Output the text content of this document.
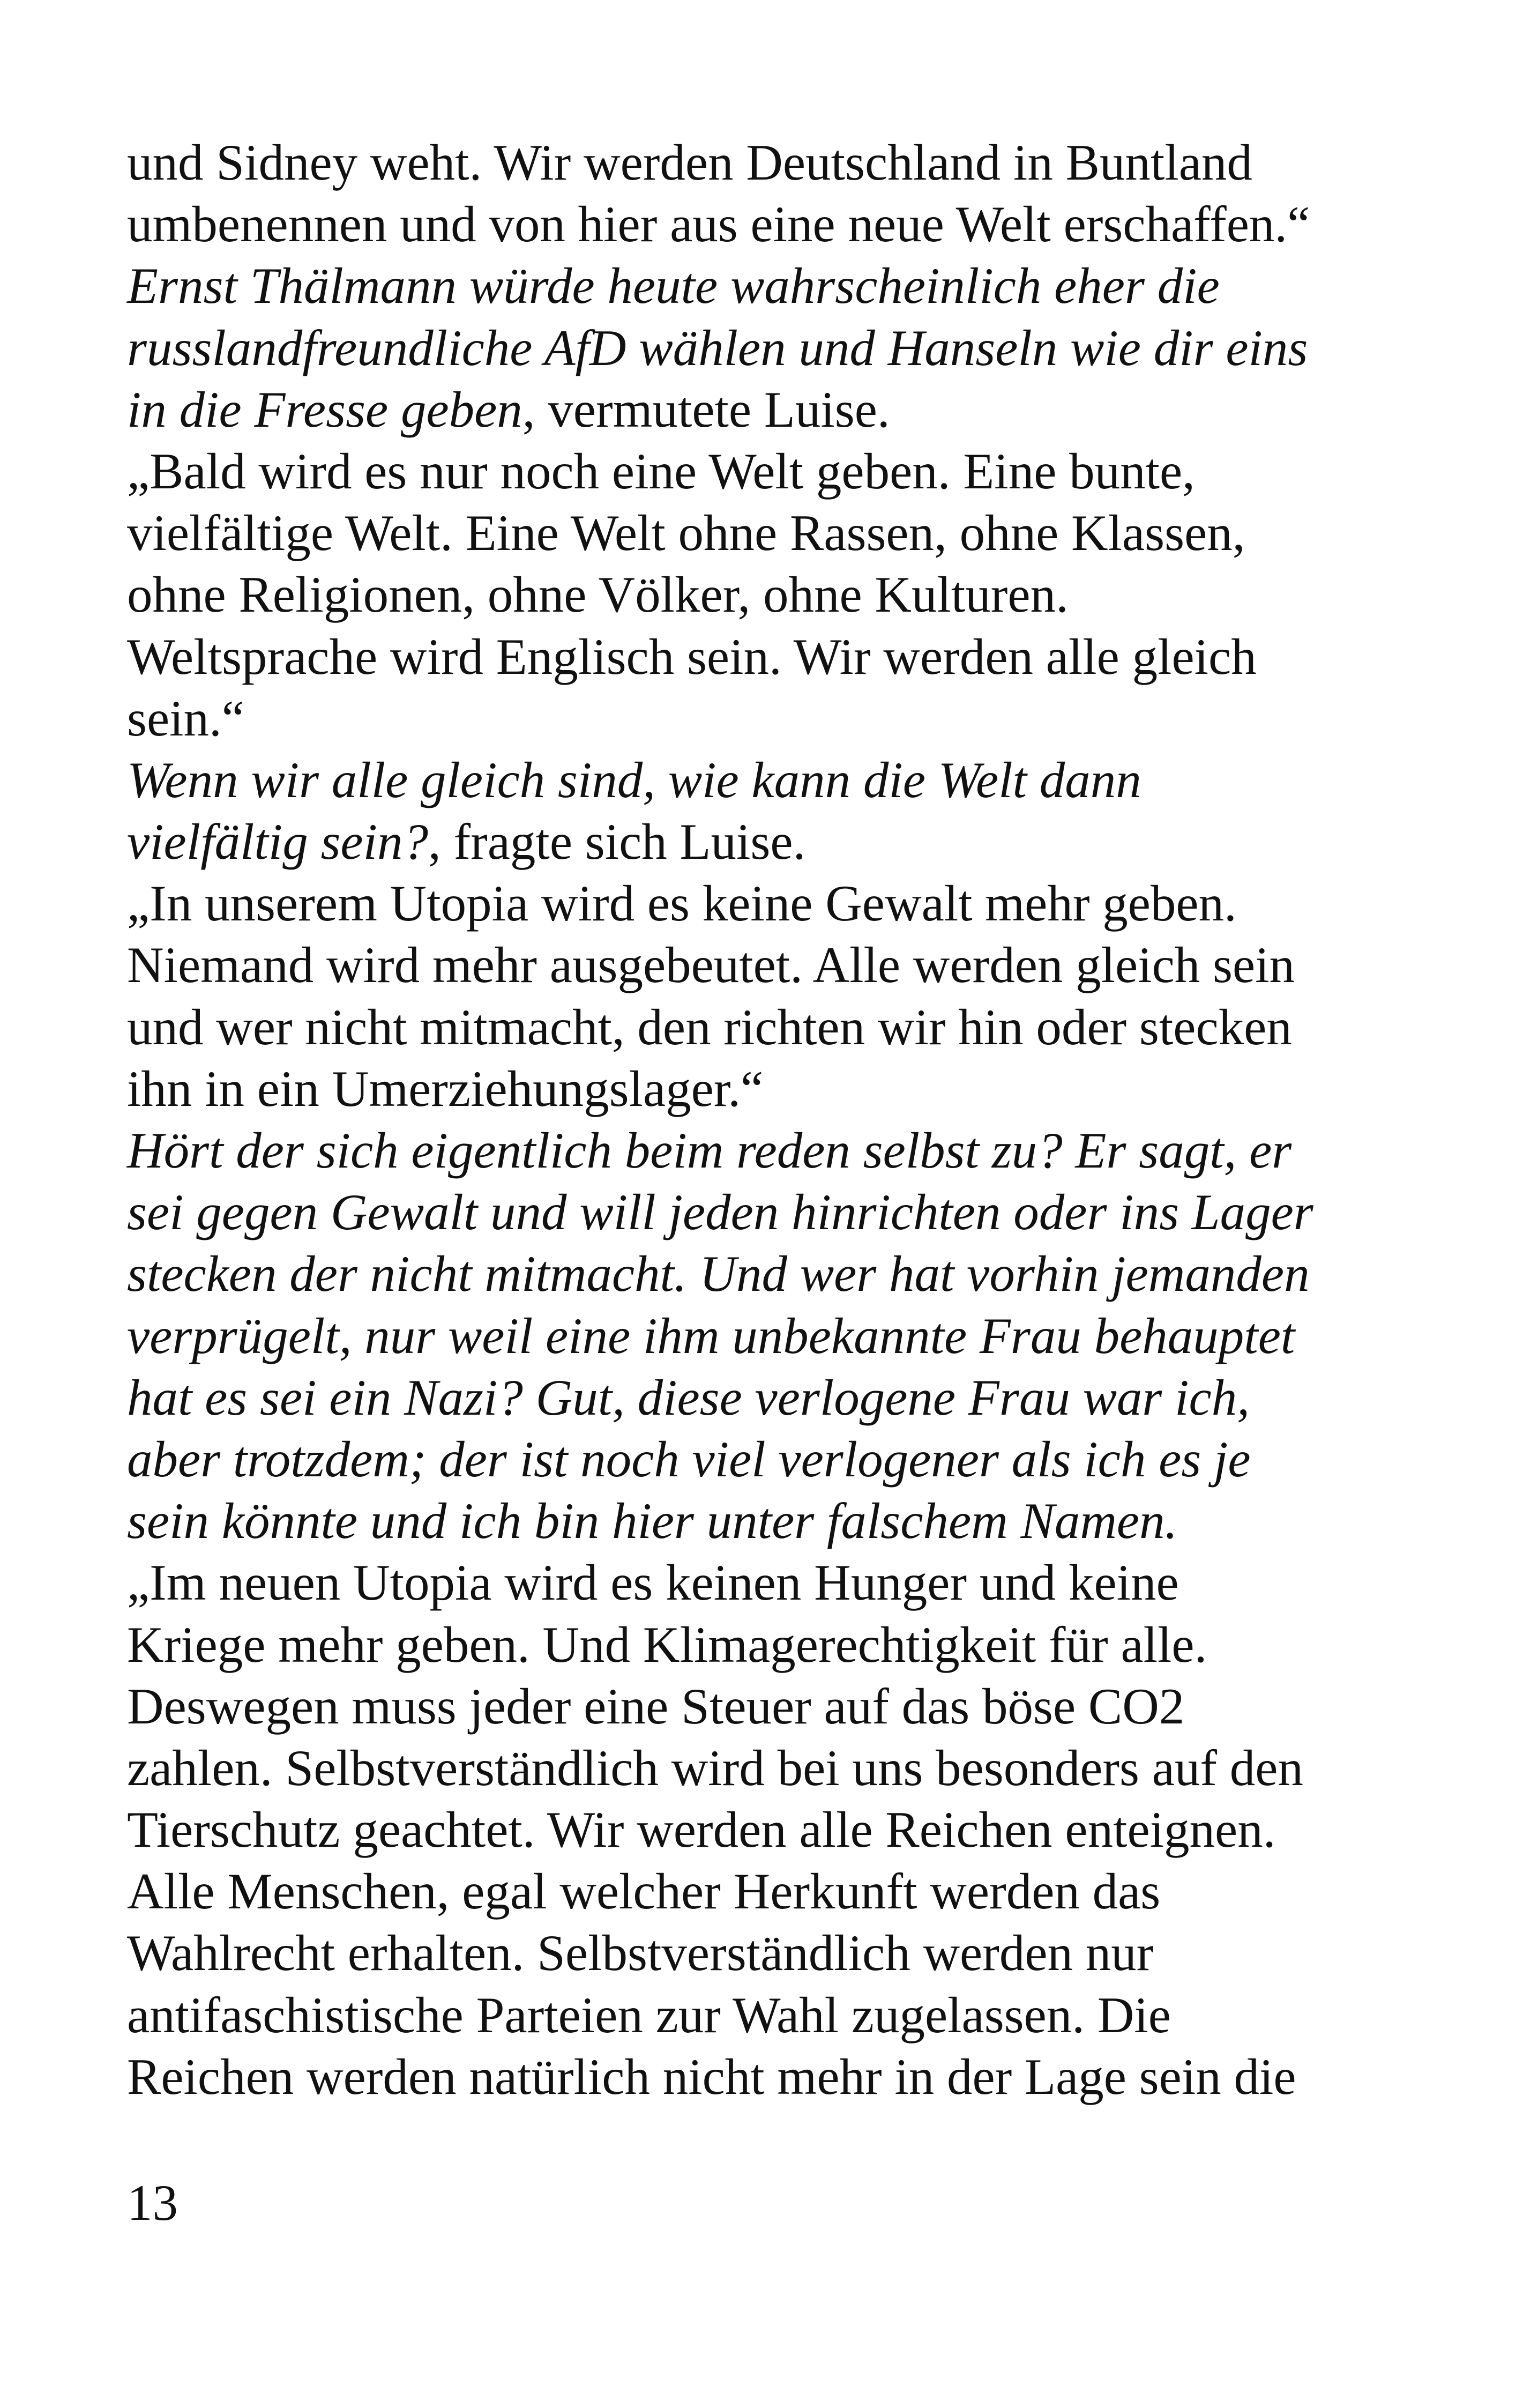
und Sidney weht. Wir werden Deutschland in Buntland
umbenennen und von hier aus eine neue Welt erschaffen.“
Ernst Thälmann würde heute wahrscheinlich eher die
russlandfreundliche AfD wählen und Hanseln wie dir eins
in die Fresse geben, vermutete Luise.
„Bald wird es nur noch eine Welt geben. Eine bunte,
vielfältige Welt. Eine Welt ohne Rassen, ohne Klassen,
ohne Religionen, ohne Völker, ohne Kulturen.
Weltsprache wird Englisch sein. Wir werden alle gleich
sein.“
Wenn wir alle gleich sind, wie kann die Welt dann
vielfältig sein?, fragte sich Luise.
„In unserem Utopia wird es keine Gewalt mehr geben.
Niemand wird mehr ausgebeutet. Alle werden gleich sein
und wer nicht mitmacht, den richten wir hin oder stecken
ihn in ein Umerziehungslager.“
Hört der sich eigentlich beim reden selbst zu? Er sagt, er
sei gegen Gewalt und will jeden hinrichten oder ins Lager
stecken der nicht mitmacht. Und wer hat vorhin jemanden
verprügelt, nur weil eine ihm unbekannte Frau behauptet
hat es sei ein Nazi? Gut, diese verlogene Frau war ich,
aber trotzdem; der ist noch viel verlogener als ich es je
sein könnte und ich bin hier unter falschem Namen.
„Im neuen Utopia wird es keinen Hunger und keine
Kriege mehr geben. Und Klimagerechtigkeit für alle.
Deswegen muss jeder eine Steuer auf das böse CO2
zahlen. Selbstverständlich wird bei uns besonders auf den
Tierschutz geachtet. Wir werden alle Reichen enteignen.
Alle Menschen, egal welcher Herkunft werden das
Wahlrecht erhalten. Selbstverständlich werden nur
antifaschistische Parteien zur Wahl zugelassen. Die
Reichen werden natürlich nicht mehr in der Lage sein die
13
